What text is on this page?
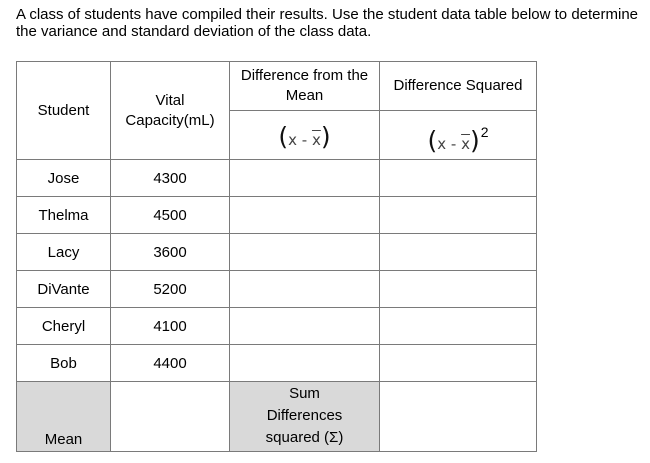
A class of students have compiled their results. Use the student data table below to determine the variance and standard deviation of the class data.

Student	Vital Capacity(mL)	Difference from the Mean	Difference Squared

		$(x - \overline{x})$	$(x - \overline{x})^2$

Jose	4300		
Thelma	4500		
Lacy	3600		
DiVante	5200		
Cheryl	4100		
Bob	4400		
Mean		Sum
Differences
squared (Σ)	
